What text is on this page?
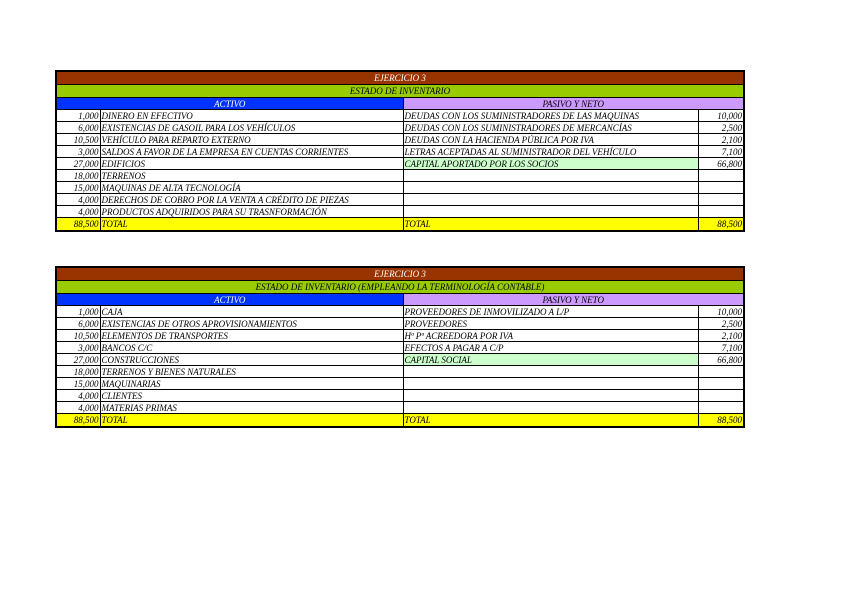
EJERCICIO 3			
ESTADO DE INVENTARIO			
ACTIVO		PASIVO Y NETO	
1,000	DINERO EN EFECTIVO	DEUDAS CON LOS SUMINISTRADORES DE LAS MAQUINAS	10,000
6,000	EXISTENCIAS DE GASOIL PARA LOS VEHÍCULOS	DEUDAS CON LOS SUMINISTRADORES DE MERCANCÍAS	2,500
10,500	VEHÍCULO PARA REPARTO EXTERNO	DEUDAS CON LA HACIENDA PÚBLICA POR IVA	2,100
3,000	SALDOS A FAVOR DE LA EMPRESA EN CUENTAS CORRIENTES	LETRAS ACEPTADAS AL SUMINISTRADOR DEL VEHÍCULO	7,100
27,000	EDIFICIOS	CAPITAL APORTADO POR LOS SOCIOS	66,800
18,000	TERRENOS		
15,000	MAQUINAS DE ALTA TECNOLOGÍA		
4,000	DERECHOS DE COBRO POR LA VENTA A CRÉDITO DE PIEZAS		
4,000	PRODUCTOS ADQUIRIDOS PARA SU TRASNFORMACIÓN		
88,500	TOTAL	TOTAL	88,500
EJERCICIO 3			
ESTADO DE INVENTARIO (EMPLEANDO LA TERMINOLOGÍA CONTABLE)			
ACTIVO		PASIVO Y NETO	
1,000	CAJA	PROVEEDORES DE INMOVILIZADO A L/P	10,000
6,000	EXISTENCIAS DE OTROS APROVISIONAMIENTOS	PROVEEDORES	2,500
10,500	ELEMENTOS DE TRANSPORTES	Hª Pª ACREEDORA POR IVA	2,100
3,000	BANCOS C/C	EFECTOS A PAGAR A C/P	7,100
27,000	CONSTRUCCIONES	CAPITAL SOCIAL	66,800
18,000	TERRENOS Y BIENES NATURALES		
15,000	MAQUINARIAS		
4,000	CLIENTES		
4,000	MATERIAS PRIMAS		
88,500	TOTAL	TOTAL	88,500
